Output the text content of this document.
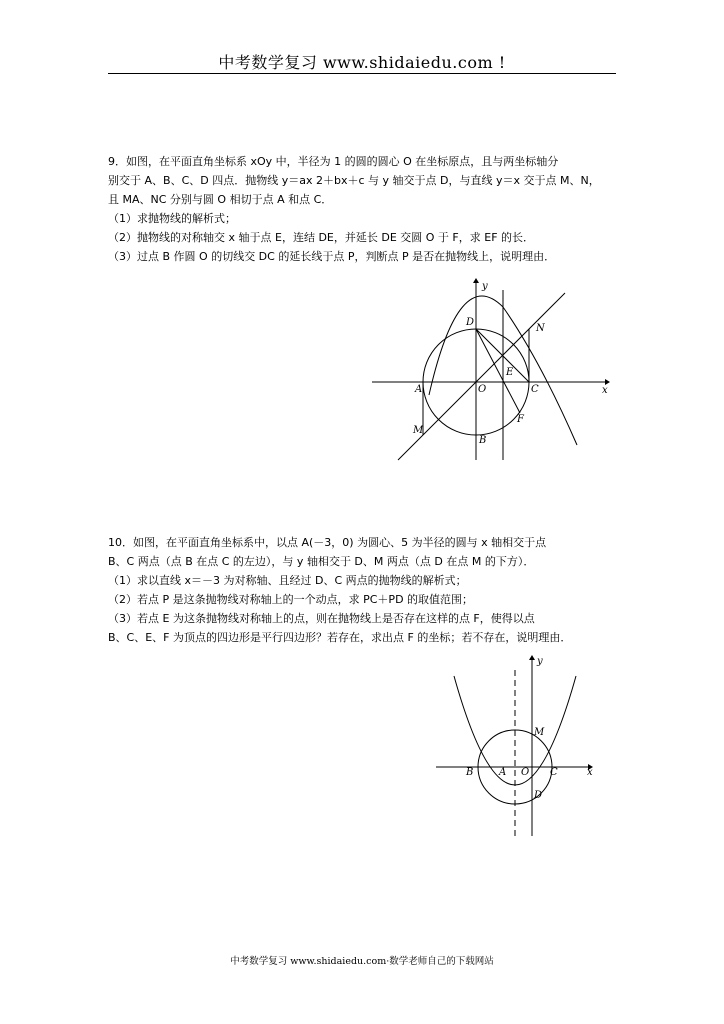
中考数学复习 www.shidaiedu.com !
9．如图，在平面直角坐标系 xOy 中，半径为 1 的圆的圆心 O 在坐标原点，且与两坐标轴分
别交于 A、B、C、D 四点．抛物线 y＝ax 2＋bx＋c 与 y 轴交于点 D，与直线 y＝x 交于点 M、N，
且 MA、NC 分别与圆 O 相切于点 A 和点 C．
（1）求抛物线的解析式；
（2）抛物线的对称轴交 x 轴于点 E，连结 DE，并延长 DE 交圆 O 于 F，求 EF 的长．
（3）过点 B 作圆 O 的切线交 DC 的延长线于点 P，判断点 P 是否在抛物线上，说明理由．
y
D
N
E
A	O	C	x
F
M
B
10．如图，在平面直角坐标系中，以点 A(－3，0) 为圆心、5 为半径的圆与 x 轴相交于点
B、C 两点（点 B 在点 C 的左边），与 y 轴相交于 D、M 两点（点 D 在点 M 的下方）．
（1）求以直线 x＝－3 为对称轴、且经过 D、C 两点的抛物线的解析式；
（2）若点 P 是这条抛物线对称轴上的一个动点，求 PC＋PD 的取值范围；
（3）若点 E 为这条抛物线对称轴上的点，则在抛物线上是否存在这样的点 F，使得以点
B、C、E、F 为顶点的四边形是平行四边形？若存在，求出点 F 的坐标；若不存在，说明理由．
y
M
B	A O C	x
D
中考数学复习 www.shidaiedu.com·数学老师自己的下载网站
